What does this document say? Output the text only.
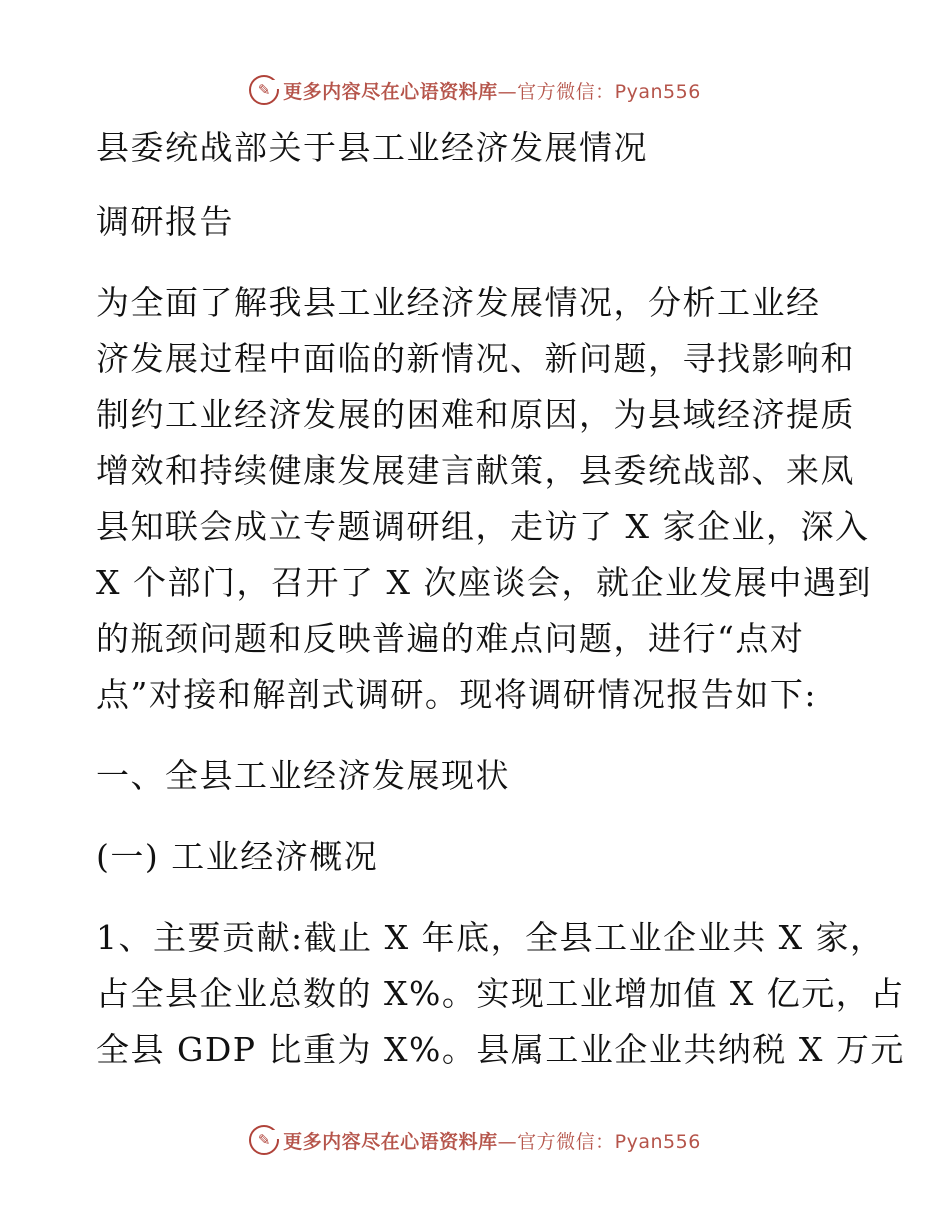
✎ 更多内容尽在心语资料库 —官方微信：Pyan556
县委统战部关于县工业经济发展情况
调研报告
为全面了解我县工业经济发展情况，分析工业经
济发展过程中面临的新情况、新问题，寻找影响和
制约工业经济发展的困难和原因，为县域经济提质
增效和持续健康发展建言献策，县委统战部、来凤
县知联会成立专题调研组，走访了 X 家企业，深入
X 个部门，召开了 X 次座谈会，就企业发展中遇到
的瓶颈问题和反映普遍的难点问题，进行“点对
点”对接和解剖式调研。现将调研情况报告如下:
一、全县工业经济发展现状
(一) 工业经济概况
1、主要贡献:截止 X 年底，全县工业企业共 X 家，
占全县企业总数的 X%。实现工业增加值 X 亿元，占
全县 GDP 比重为 X%。县属工业企业共纳税 X 万元
✎ 更多内容尽在心语资料库 —官方微信：Pyan556
